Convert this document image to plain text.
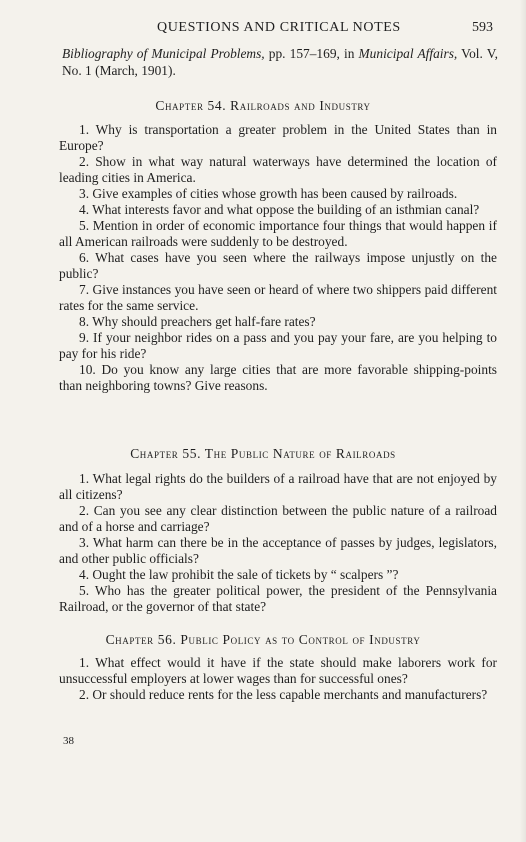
QUESTIONS AND CRITICAL NOTES	593

Bibliography of Municipal Problems, pp. 157–169, in Municipal Affairs, Vol. V, No. 1 (March, 1901).

Chapter 54. Railroads and Industry

1. Why is transportation a greater problem in the United States than in Europe?

2. Show in what way natural waterways have determined the location of leading cities in America.

3. Give examples of cities whose growth has been caused by railroads.

4. What interests favor and what oppose the building of an isthmian canal?

5. Mention in order of economic importance four things that would happen if all American railroads were suddenly to be destroyed.

6. What cases have you seen where the railways impose unjustly on the public?

7. Give instances you have seen or heard of where two shippers paid different rates for the same service.

8. Why should preachers get half-fare rates?

9. If your neighbor rides on a pass and you pay your fare, are you helping to pay for his ride?

10. Do you know any large cities that are more favorable shipping-points than neighboring towns? Give reasons.

Chapter 55. The Public Nature of Railroads

1. What legal rights do the builders of a railroad have that are not enjoyed by all citizens?

2. Can you see any clear distinction between the public nature of a railroad and of a horse and carriage?

3. What harm can there be in the acceptance of passes by judges, legislators, and other public officials?

4. Ought the law prohibit the sale of tickets by “ scalpers ”?

5. Who has the greater political power, the president of the Pennsylvania Railroad, or the governor of that state?

Chapter 56. Public Policy as to Control of Industry

1. What effect would it have if the state should make laborers work for unsuccessful employers at lower wages than for successful ones?

2. Or should reduce rents for the less capable merchants and manufacturers?

38
